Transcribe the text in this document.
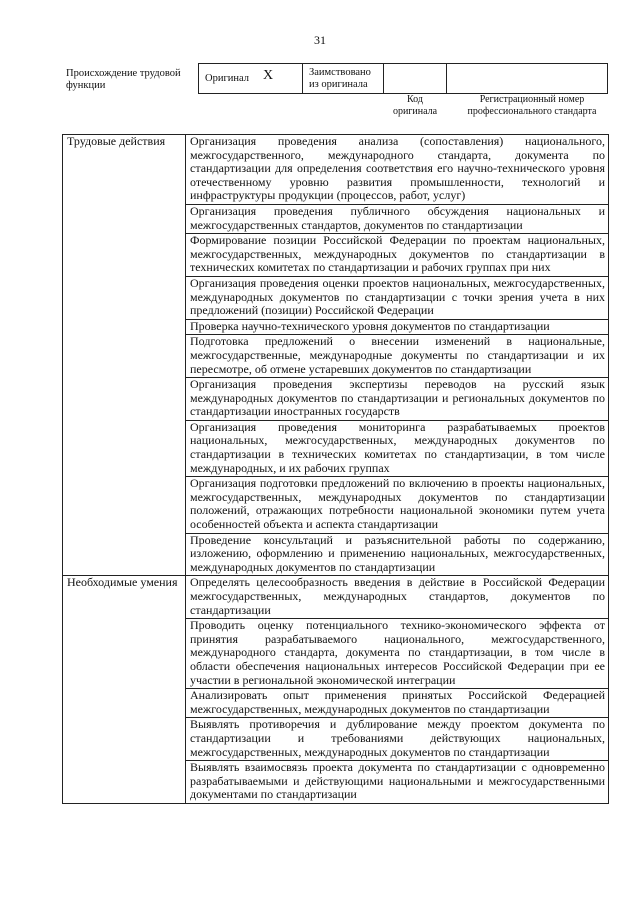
31
Происхождение трудовой функции
Оригинал X	Заимствовано из оригинала
Код оригинала
Регистрационный номер профессионального стандарта
Трудовые действия	Организация проведения анализа (сопоставления) национального, межгосударственного, международного стандарта, документа по стандартизации для определения соответствия его научно-технического уровня отечественному уровню развития промышленности, технологий и инфраструктуры продукции (процессов, работ, услуг)
	Организация проведения публичного обсуждения национальных и межгосударственных стандартов, документов по стандартизации
	Формирование позиции Российской Федерации по проектам национальных, межгосударственных, международных документов по стандартизации в технических комитетах по стандартизации и рабочих группах при них
	Организация проведения оценки проектов национальных, межгосударственных, международных документов по стандартизации с точки зрения учета в них предложений (позиции) Российской Федерации
	Проверка научно-технического уровня документов по стандартизации
	Подготовка предложений о внесении изменений в национальные, межгосударственные, международные документы по стандартизации и их пересмотре, об отмене устаревших документов по стандартизации
	Организация проведения экспертизы переводов на русский язык международных документов по стандартизации и региональных документов по стандартизации иностранных государств
	Организация проведения мониторинга разрабатываемых проектов национальных, межгосударственных, международных документов по стандартизации в технических комитетах по стандартизации, в том числе международных, и их рабочих группах
	Организация подготовки предложений по включению в проекты национальных, межгосударственных, международных документов по стандартизации положений, отражающих потребности национальной экономики путем учета особенностей объекта и аспекта стандартизации
	Проведение консультаций и разъяснительной работы по содержанию, изложению, оформлению и применению национальных, межгосударственных, международных документов по стандартизации
Необходимые умения	Определять целесообразность введения в действие в Российской Федерации межгосударственных, международных стандартов, документов по стандартизации
	Проводить оценку потенциального технико-экономического эффекта от принятия разрабатываемого национального, межгосударственного, международного стандарта, документа по стандартизации, в том числе в области обеспечения национальных интересов Российской Федерации при ее участии в региональной экономической интеграции
	Анализировать опыт применения принятых Российской Федерацией межгосударственных, международных документов по стандартизации
	Выявлять противоречия и дублирование между проектом документа по стандартизации и требованиями действующих национальных, межгосударственных, международных документов по стандартизации
	Выявлять взаимосвязь проекта документа по стандартизации с одновременно разрабатываемыми и действующими национальными и межгосударственными документами по стандартизации
